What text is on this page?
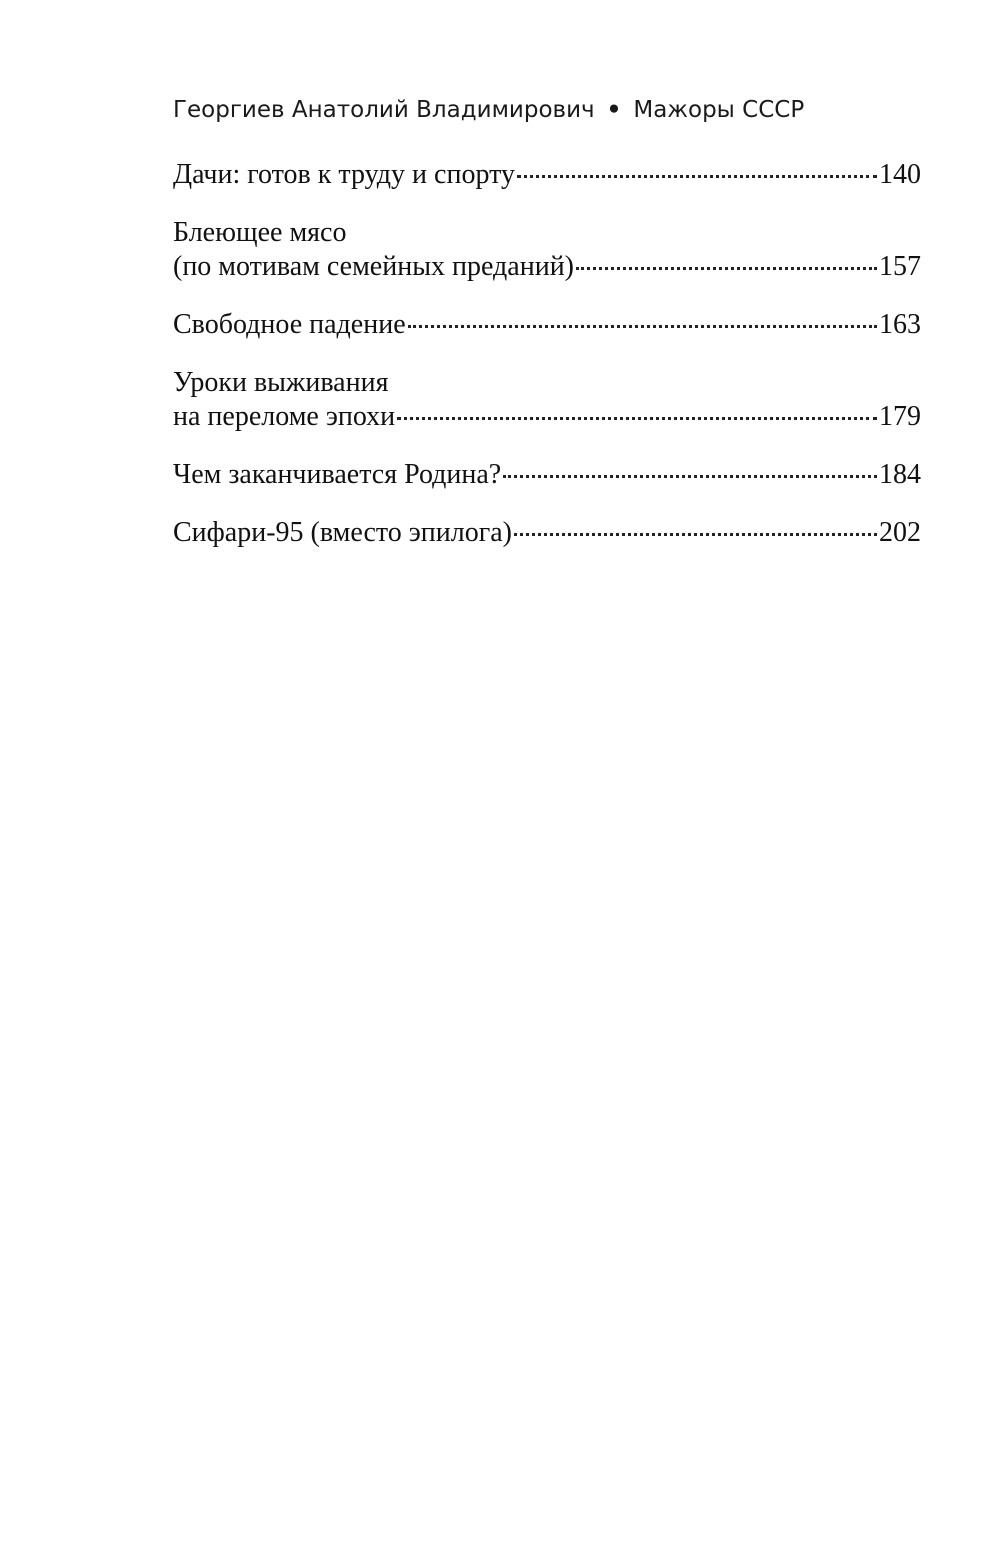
Георгиев Анатолий Владимирович • Мажоры СССР
Дачи: готов к труду и спорту	140
Блеющее мясо
(по мотивам семейных преданий)	157
Свободное падение	163
Уроки выживания
на переломе эпохи	179
Чем заканчивается Родина?	184
Сифари-95 (вместо эпилога)	202
